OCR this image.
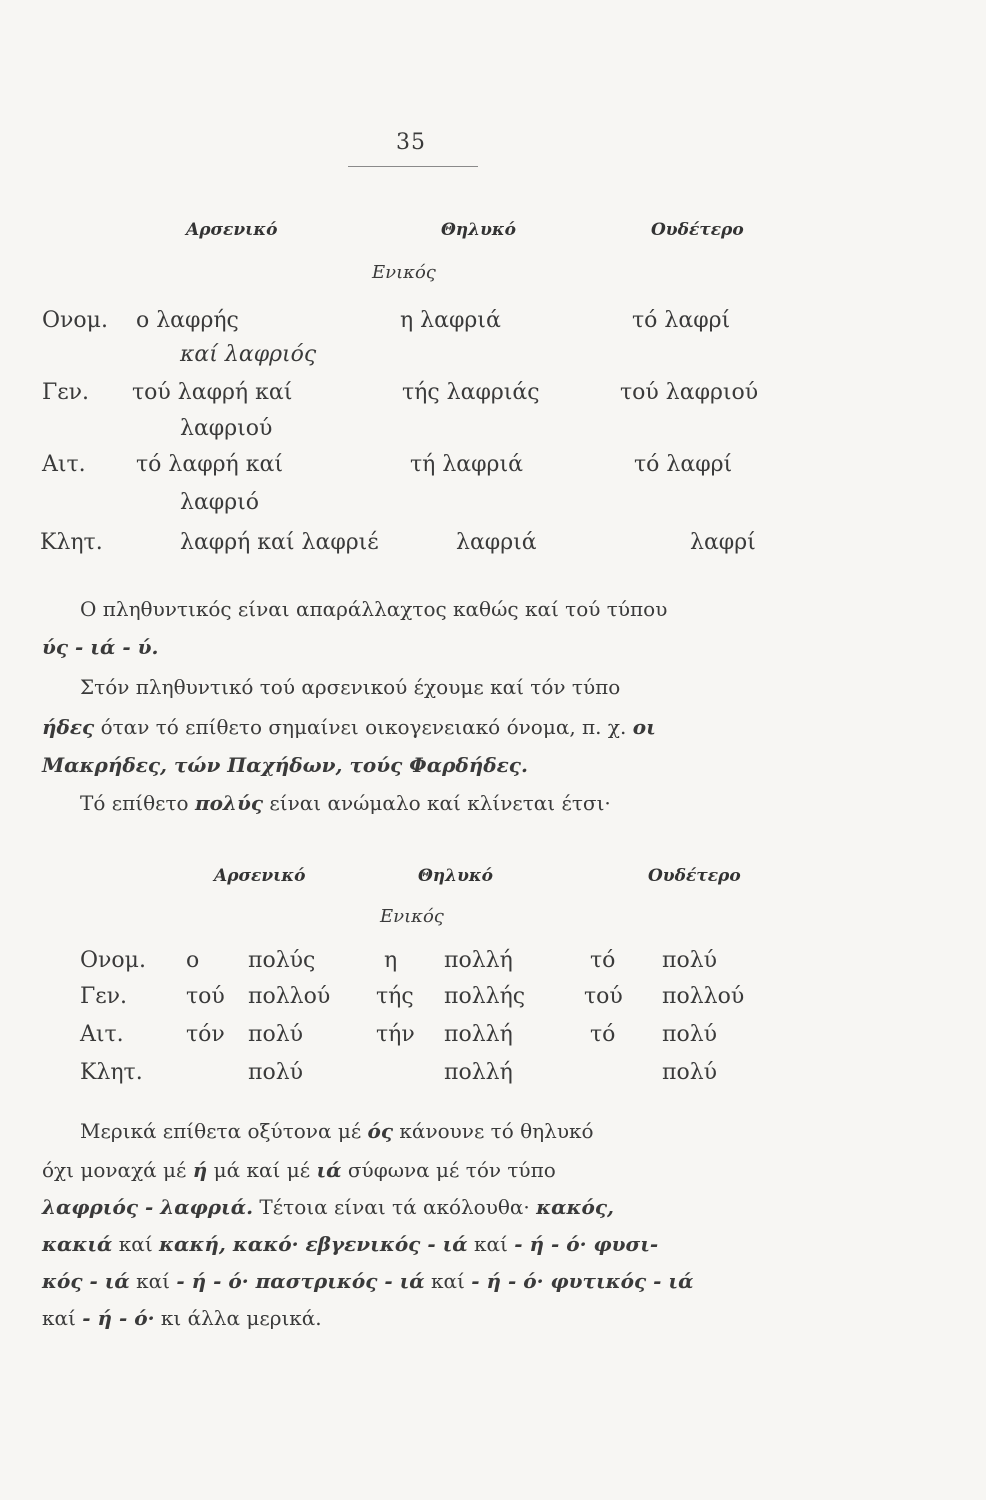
35
Αρσενικό	Θηλυκό	Ουδέτερο
Ενικός
Ονομ. ο λαφρής	η λαφριά	τό λαφρί
καί λαφριός
Γεν. τού λαφρή καί	τής λαφριάς	τού λαφριού
λαφριού
Αιτ. τό λαφρή καί	τή λαφριά	τό λαφρί
λαφριό
Κλητ.	λαφρή καί λαφριέ	λαφριά	λαφρί

Ο πληθυντικός είναι απαράλλαχτος καθώς καί τού τύπου

ύς - ιά - ύ.

Στόν πληθυντικό τού αρσενικού έχουμε καί τόν τύπο

ήδες όταν τό επίθετο σημαίνει οικογενειακό όνομα, π. χ. οι

Μακρήδες, τών Παχήδων, τούς Φαρδήδες.

Τό επίθετο πολύς είναι ανώμαλο καί κλίνεται έτσι·

Αρσενικό	Θηλυκό	Ουδέτερο
Ενικός
Ονομ. ο πολύς	η πολλή	τό πολύ
Γεν.	τού πολλού τής πολλής	τού πολλού
Αιτ.	τόν πολύ	τήν πολλή	τό πολύ
Κλητ.	πολύ	πολλή	πολύ

Μερικά επίθετα οξύτονα μέ ός κάνουνε τό θηλυκό

όχι μοναχά μέ ή μά καί μέ ιά σύφωνα μέ τόν τύπο

λαφριός - λαφριά. Τέτοια είναι τά ακόλουθα· κακός,

κακιά καί κακή, κακό· εβγενικός - ιά καί - ή - ό· φυσι-

κός - ιά καί - ή - ό· παστρικός - ιά καί - ή - ό· φυτικός - ιά

καί - ή - ό· κι άλλα μερικά.
